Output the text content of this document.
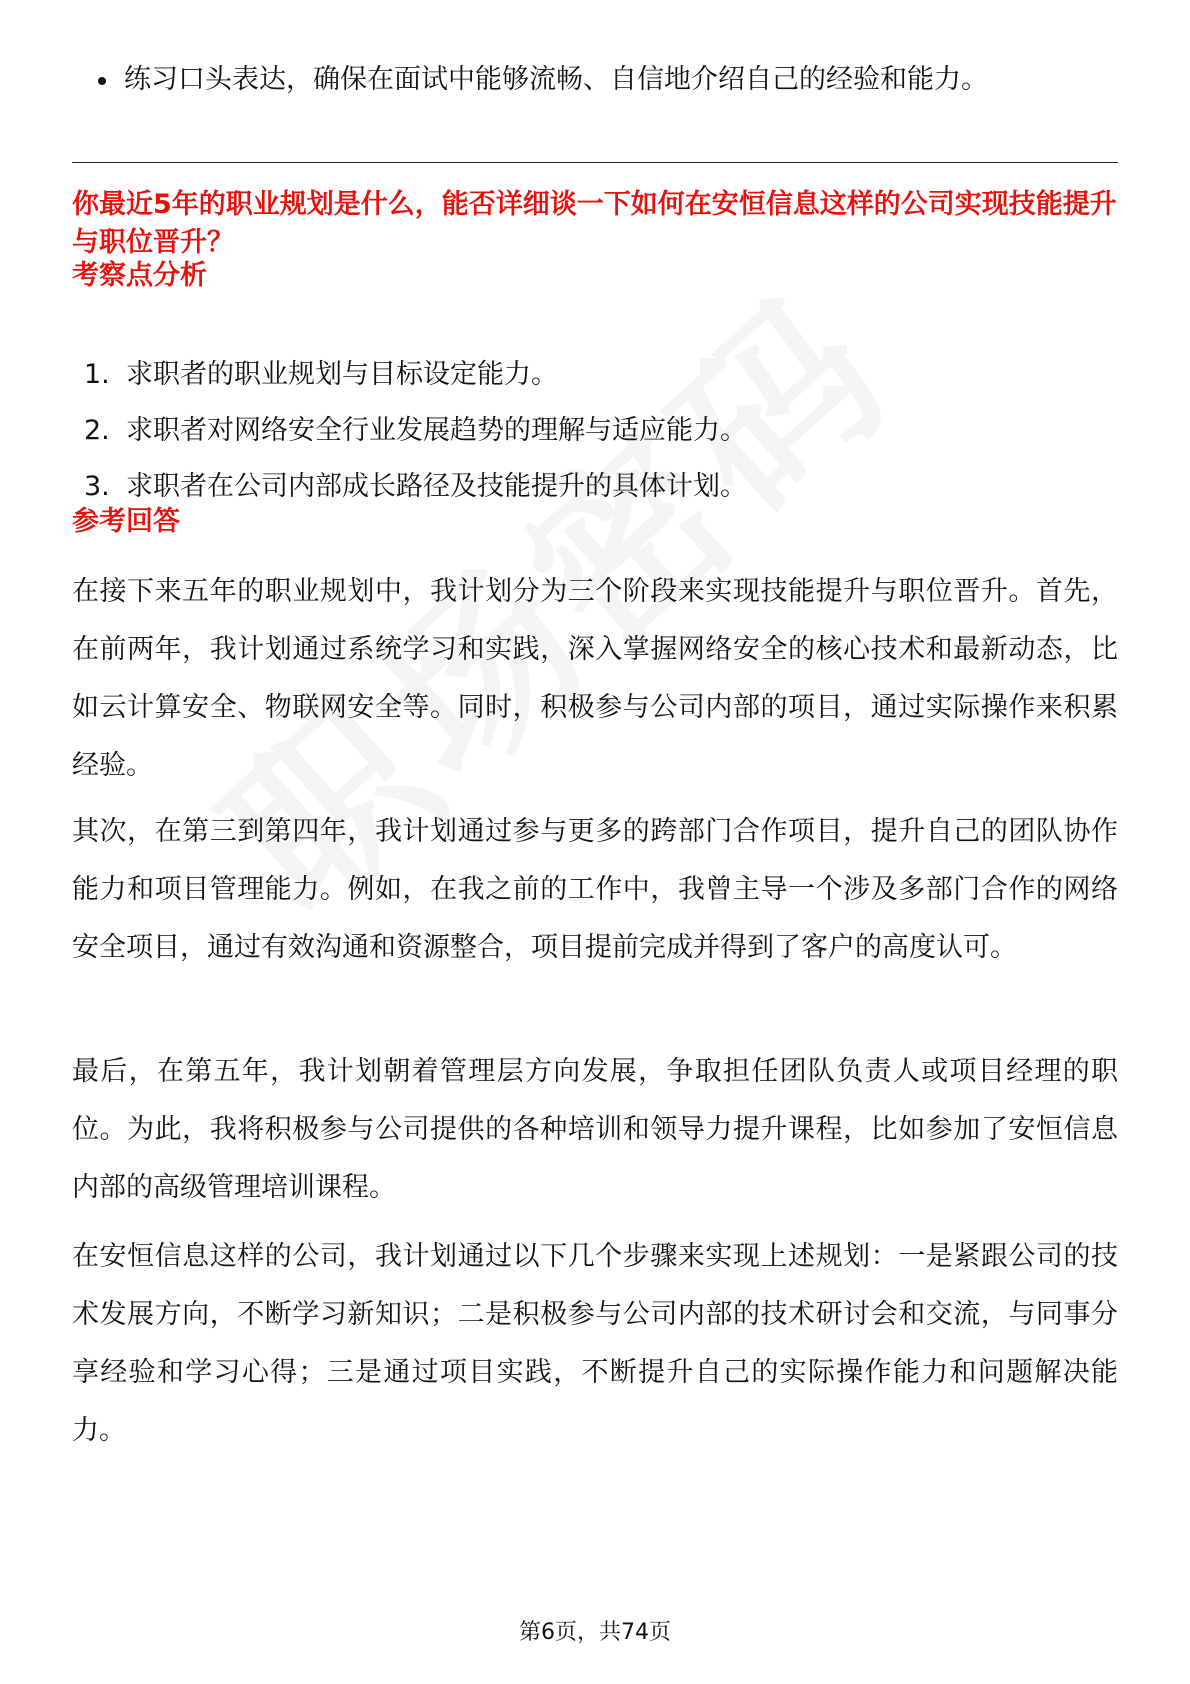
练习口头表达，确保在面试中能够流畅、自信地介绍自己的经验和能力。
你最近5年的职业规划是什么，能否详细谈一下如何在安恒信息这样的公司实现技能提升与职位晋升？
考察点分析
1. 求职者的职业规划与目标设定能力。
2. 求职者对网络安全行业发展趋势的理解与适应能力。
3. 求职者在公司内部成长路径及技能提升的具体计划。
参考回答

在接下来五年的职业规划中，我计划分为三个阶段来实现技能提升与职位晋升。首先，在前两年，我计划通过系统学习和实践，深入掌握网络安全的核心技术和最新动态，比如云计算安全、物联网安全等。同时，积极参与公司内部的项目，通过实际操作来积累经验。

其次，在第三到第四年，我计划通过参与更多的跨部门合作项目，提升自己的团队协作能力和项目管理能力。例如，在我之前的工作中，我曾主导一个涉及多部门合作的网络安全项目，通过有效沟通和资源整合，项目提前完成并得到了客户的高度认可。

最后，在第五年，我计划朝着管理层方向发展，争取担任团队负责人或项目经理的职位。为此，我将积极参与公司提供的各种培训和领导力提升课程，比如参加了安恒信息内部的高级管理培训课程。

在安恒信息这样的公司，我计划通过以下几个步骤来实现上述规划：一是紧跟公司的技术发展方向，不断学习新知识；二是积极参与公司内部的技术研讨会和交流，与同事分享经验和学习心得；三是通过项目实践，不断提升自己的实际操作能力和问题解决能力。

第6页，共74页
